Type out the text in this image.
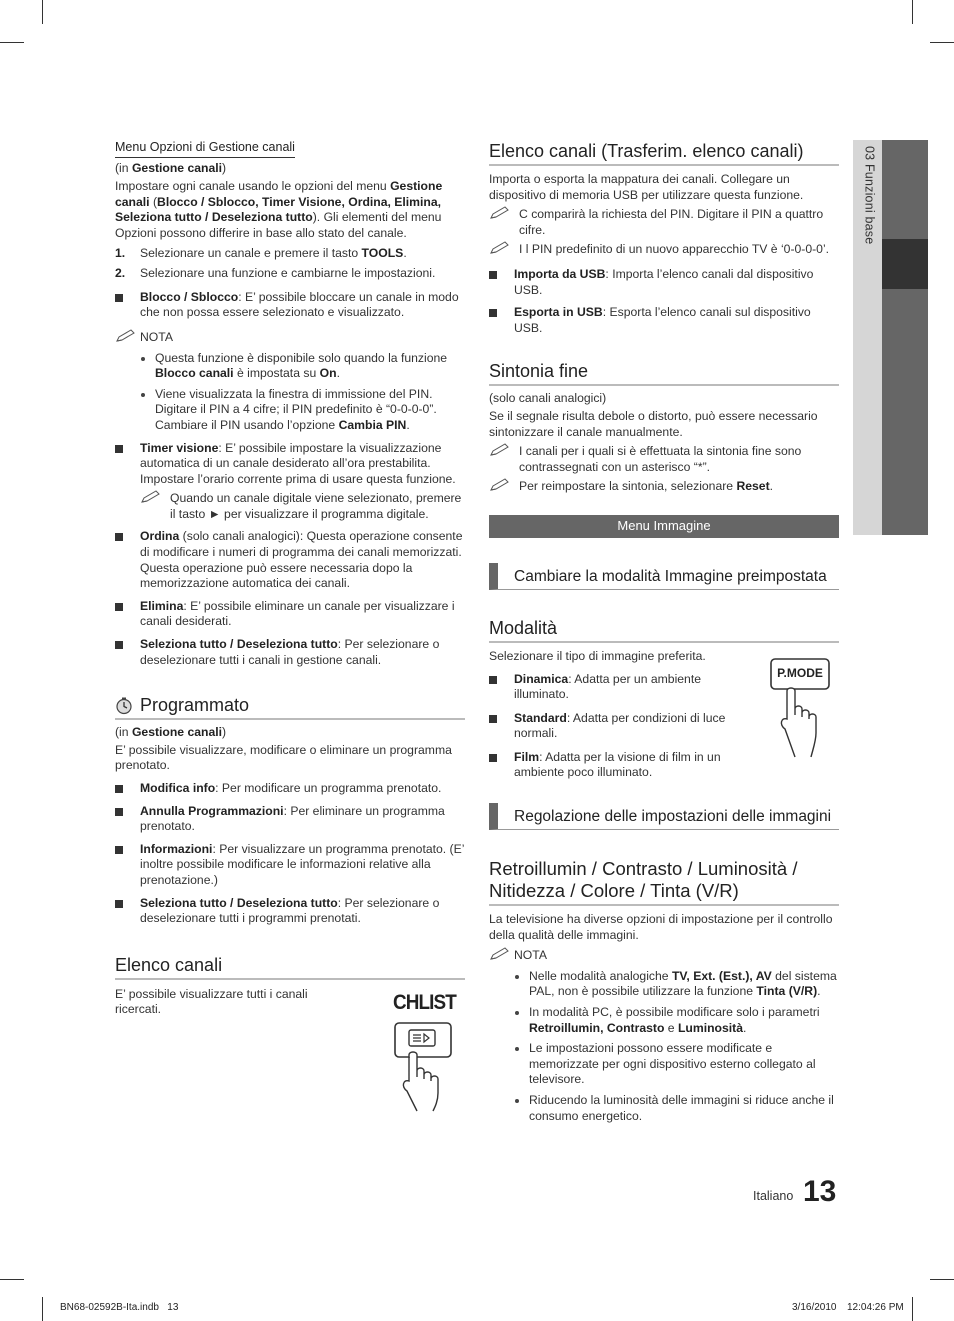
03 Funzioni base

Menu Opzioni di Gestione canali

(in Gestione canali)

Impostare ogni canale usando le opzioni del menu Gestione canali (Blocco / Sblocco, Timer Visione, Ordina, Elimina, Seleziona tutto / Deseleziona tutto). Gli elementi del menu Opzioni possono differire in base allo stato del canale.

1. Selezionare un canale e premere il tasto TOOLS.
2. Selezionare una funzione e cambiarne le impostazioni.
Blocco / Sblocco: E’ possibile bloccare un canale in modo che non possa essere selezionato e visualizzato.
NOTA
Questa funzione è disponibile solo quando la funzione Blocco canali è impostata su On.
Viene visualizzata la finestra di immissione del PIN. Digitare il PIN a 4 cifre; il PIN predefinito è “0-0-0-0”. Cambiare il PIN usando l’opzione Cambia PIN.
Timer visione: E’ possibile impostare la visualizzazione automatica di un canale desiderato all’ora prestabilita. Impostare l’orario corrente prima di usare questa funzione.
Quando un canale digitale viene selezionato, premere il tasto ► per visualizzare il programma digitale.
Ordina (solo canali analogici): Questa operazione consente di modificare i numeri di programma dei canali memorizzati. Questa operazione può essere necessaria dopo la memorizzazione automatica dei canali.
Elimina: E’ possibile eliminare un canale per visualizzare i canali desiderati.
Seleziona tutto / Deseleziona tutto: Per selezionare o deselezionare tutti i canali in gestione canali.
Programmato

(in Gestione canali)

E’ possibile visualizzare, modificare o eliminare un programma prenotato.

Modifica info: Per modificare un programma prenotato.
Annulla Programmazioni: Per eliminare un programma prenotato.
Informazioni: Per visualizzare un programma prenotato. (E’ inoltre possibile modificare le informazioni relative alla prenotazione.)
Seleziona tutto / Deseleziona tutto: Per selezionare o deselezionare tutti i programmi prenotati.
Elenco canali

E’ possibile visualizzare tutti i canali ricercati.	CHLIST
Elenco canali (Trasferim. elenco canali)

Importa o esporta la mappatura dei canali. Collegare un dispositivo di memoria USB per utilizzare questa funzione.

C comparirà la richiesta del PIN. Digitare il PIN a quattro cifre.
I l PIN predefinito di un nuovo apparecchio TV è ‘0-0-0-0’.
Importa da USB: Importa l’elenco canali dal dispositivo USB.
Esporta in USB: Esporta l’elenco canali sul dispositivo USB.
Sintonia fine

(solo canali analogici)

Se il segnale risulta debole o distorto, può essere necessario sintonizzare il canale manualmente.

I canali per i quali si è effettuata la sintonia fine sono contrassegnati con un asterisco “*”.
Per reimpostare la sintonia, selezionare Reset.
Menu Immagine
Cambiare la modalità Immagine preimpostata
Modalità

Selezionare il tipo di immagine preferita.

Dinamica: Adatta per un ambiente illuminato.
Standard: Adatta per condizioni di luce normali.
Film: Adatta per la visione di film in un ambiente poco illuminato.
P.MODE
Regolazione delle impostazioni delle immagini
Retroillumin / Contrasto / Luminosità / Nitidezza / Colore / Tinta (V/R)

La televisione ha diverse opzioni di impostazione per il controllo della qualità delle immagini.

NOTA
Nelle modalità analogiche TV, Ext. (Est.), AV del sistema PAL, non è possibile utilizzare la funzione Tinta (V/R).
In modalità PC, è possibile modificare solo i parametri Retroillumin, Contrasto e Luminosità.
Le impostazioni possono essere modificate e memorizzate per ogni dispositivo esterno collegato al televisore.
Riducendo la luminosità delle immagini si riduce anche il consumo energetico.
Italiano 13
BN68-02592B-Ita.indb   13	3/16/2010 12:04:26 PM
